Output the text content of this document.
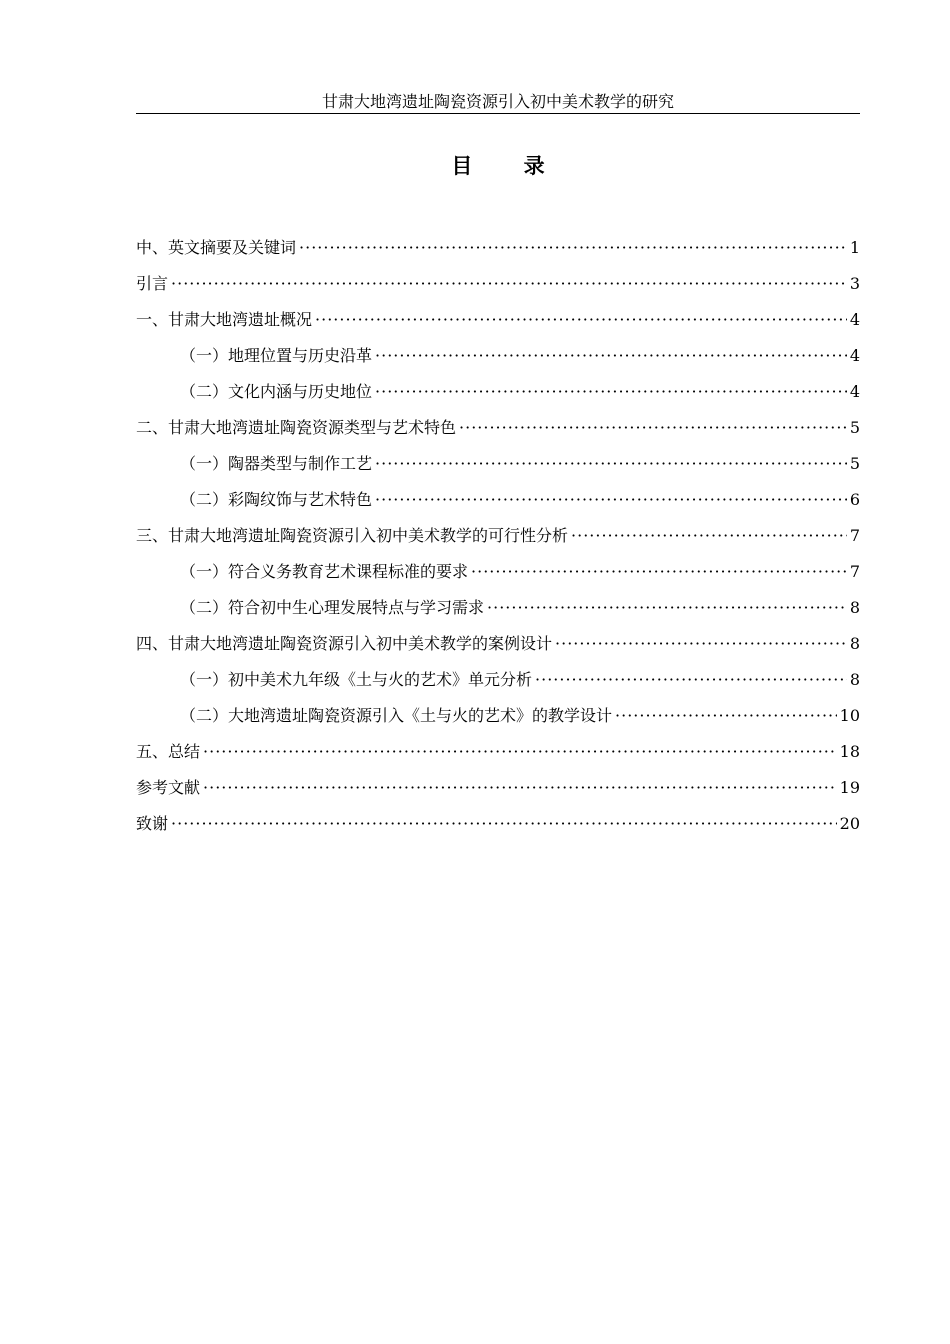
甘肃大地湾遗址陶瓷资源引入初中美术教学的研究
目 录
中、英文摘要及关键词 ·····	1
引言 ·····	3
一、甘肃大地湾遗址概况 ·····	4
（一）地理位置与历史沿革 ·····	4
（二）文化内涵与历史地位 ·····	4
二、甘肃大地湾遗址陶瓷资源类型与艺术特色 ·····	5
（一）陶器类型与制作工艺 ·····	5
（二）彩陶纹饰与艺术特色 ·····	6
三、甘肃大地湾遗址陶瓷资源引入初中美术教学的可行性分析 ·····	7
（一）符合义务教育艺术课程标准的要求 ·····	7
（二）符合初中生心理发展特点与学习需求 ·····	8
四、甘肃大地湾遗址陶瓷资源引入初中美术教学的案例设计 ·····	8
（一）初中美术九年级《土与火的艺术》单元分析 ·····	8
（二）大地湾遗址陶瓷资源引入《土与火的艺术》的教学设计 ·····	10
五、总结 ·····	18
参考文献 ·····	19
致谢 ·····	20
